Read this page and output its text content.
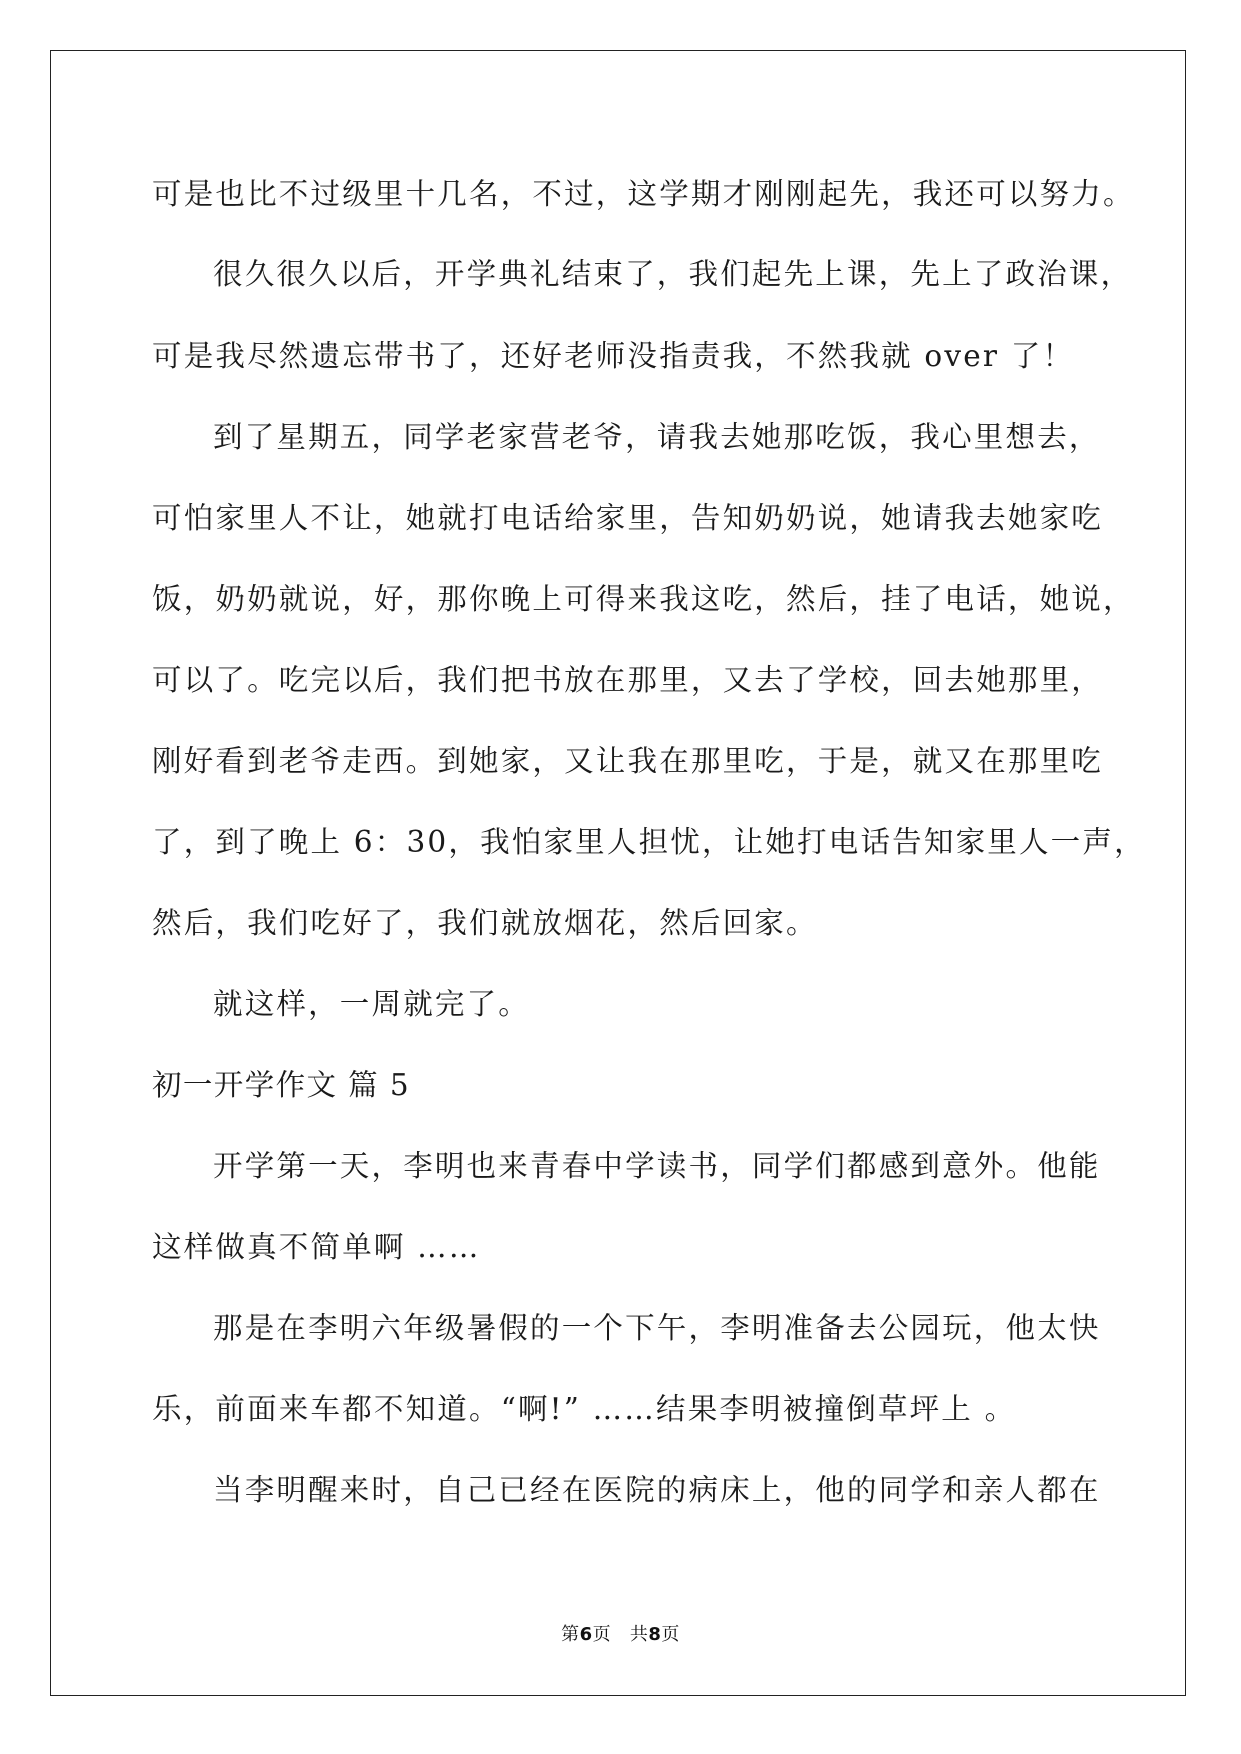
可是也比不过级里十几名，不过，这学期才刚刚起先，我还可以努力。
很久很久以后，开学典礼结束了，我们起先上课，先上了政治课，
可是我尽然遗忘带书了，还好老师没指责我，不然我就 over 了！
到了星期五，同学老家营老爷，请我去她那吃饭，我心里想去，
可怕家里人不让，她就打电话给家里，告知奶奶说，她请我去她家吃
饭，奶奶就说，好，那你晚上可得来我这吃，然后，挂了电话，她说，
可以了。吃完以后，我们把书放在那里，又去了学校，回去她那里，
刚好看到老爷走西。到她家，又让我在那里吃，于是，就又在那里吃
了，到了晚上 6：30，我怕家里人担忧，让她打电话告知家里人一声，
然后，我们吃好了，我们就放烟花，然后回家。
就这样，一周就完了。
初一开学作文 篇 5
开学第一天，李明也来青春中学读书，同学们都感到意外。他能
这样做真不简单啊 ……
那是在李明六年级暑假的一个下午，李明准备去公园玩，他太快
乐，前面来车都不知道。“啊!” ……结果李明被撞倒草坪上 。
当李明醒来时，自己已经在医院的病床上，他的同学和亲人都在
第6页   共8页
